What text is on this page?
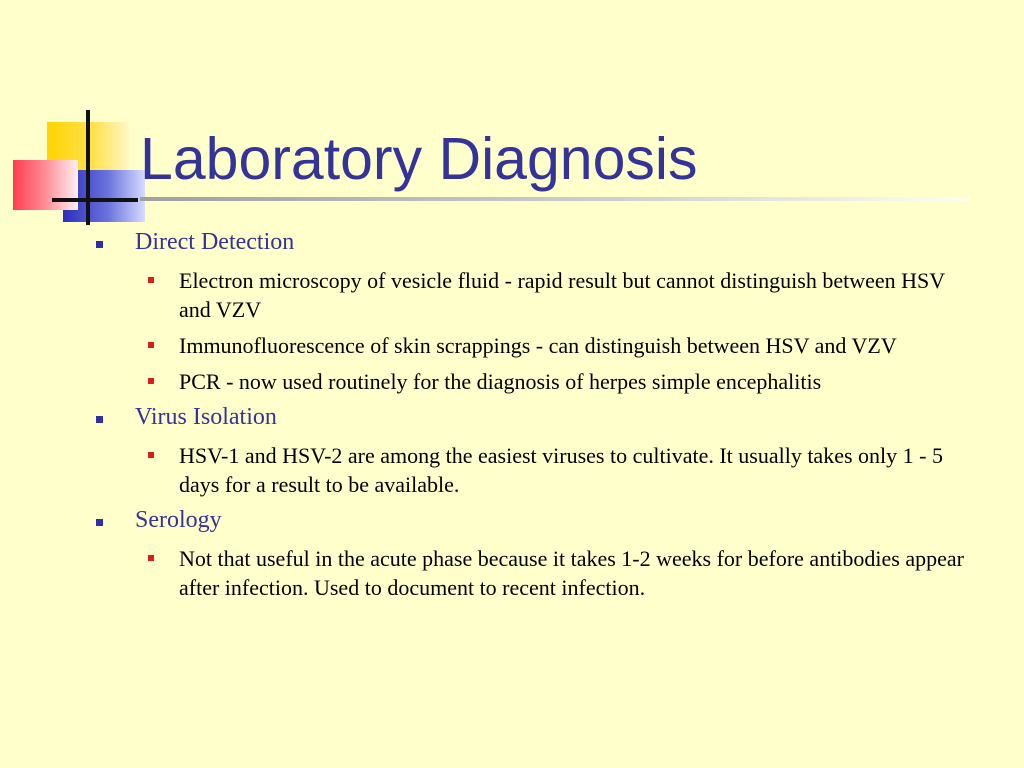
Laboratory Diagnosis
Direct Detection
Electron microscopy of vesicle fluid - rapid result but cannot distinguish between HSV and VZV
Immunofluorescence of skin scrappings - can distinguish between HSV and VZV
PCR - now used routinely for the diagnosis of herpes simple encephalitis
Virus Isolation
HSV-1 and HSV-2 are among the easiest viruses to cultivate. It usually takes only 1 - 5 days for a result to be available.
Serology
Not that useful in the acute phase because it takes 1-2 weeks for before antibodies appear after infection. Used to document to recent infection.
